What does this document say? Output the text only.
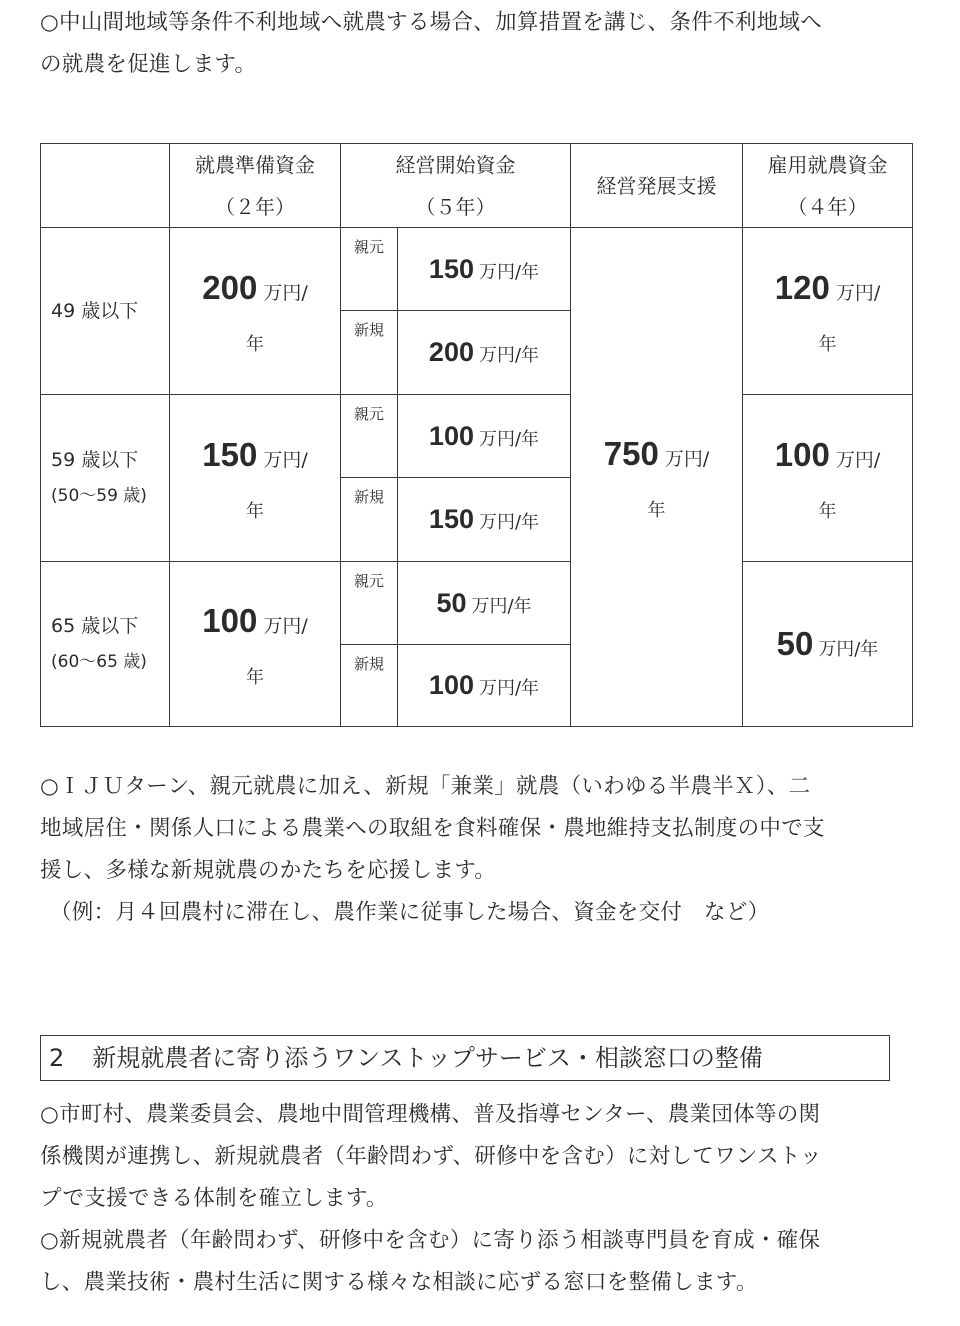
○中山間地域等条件不利地域へ就農する場合、加算措置を講じ、条件不利地域へ
の就農を促進します。
就農準備資金
（２年）
経営開始資金
（５年）
経営発展支援
雇用就農資金
（４年）
49 歳以下
200 万円/
年
親元
150 万円/年
新規
200 万円/年
120 万円/
年
750 万円/
年
59 歳以下
(50～59 歳)
150 万円/
年
親元
100 万円/年
新規
150 万円/年
100 万円/
年
65 歳以下
(60～65 歳)
100 万円/
年
親元
50 万円/年
新規
100 万円/年
50 万円/年
○ＩＪＵターン、親元就農に加え、新規「兼業」就農（いわゆる半農半Ｘ）、二
地域居住・関係人口による農業への取組を食料確保・農地維持支払制度の中で支
援し、多様な新規就農のかたちを応援します。
（例：月４回農村に滞在し、農作業に従事した場合、資金を交付　など）
2 新規就農者に寄り添うワンストップサービス・相談窓口の整備
○市町村、農業委員会、農地中間管理機構、普及指導センター、農業団体等の関
係機関が連携し、新規就農者（年齢問わず、研修中を含む）に対してワンストッ
プで支援できる体制を確立します。
○新規就農者（年齢問わず、研修中を含む）に寄り添う相談専門員を育成・確保
し、農業技術・農村生活に関する様々な相談に応ずる窓口を整備します。
